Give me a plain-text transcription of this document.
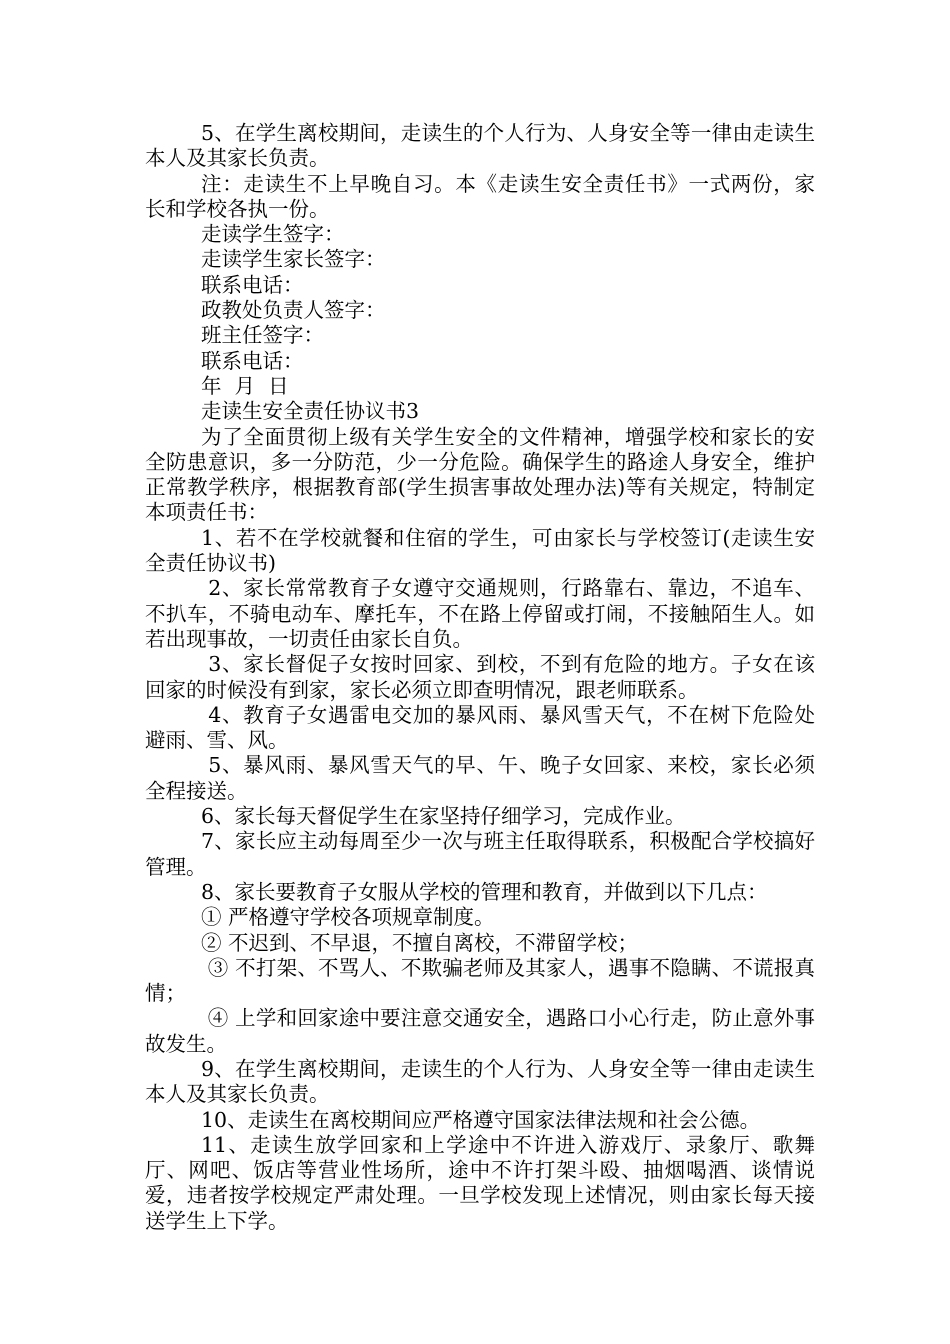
5、在学生离校期间，走读生的个人行为、人身安全等一律由走读生本人及其家长负责。

注：走读生不上早晚自习。本《走读生安全责任书》一式两份，家长和学校各执一份。

走读学生签字：

走读学生家长签字：

联系电话：

政教处负责人签字：

班主任签字：

联系电话：

年  月  日

走读生安全责任协议书3

为了全面贯彻上级有关学生安全的文件精神，增强学校和家长的安全防患意识，多一分防范，少一分危险。确保学生的路途人身安全，维护正常教学秩序，根据教育部(学生损害事故处理办法)等有关规定，特制定本项责任书：

1、若不在学校就餐和住宿的学生，可由家长与学校签订(走读生安全责任协议书)

2、家长常常教育子女遵守交通规则，行路靠右、靠边，不追车、不扒车，不骑电动车、摩托车，不在路上停留或打闹，不接触陌生人。如若出现事故，一切责任由家长自负。

3、家长督促子女按时回家、到校，不到有危险的地方。子女在该回家的时候没有到家，家长必须立即查明情况，跟老师联系。

4、教育子女遇雷电交加的暴风雨、暴风雪天气，不在树下危险处避雨、雪、风。

5、暴风雨、暴风雪天气的早、午、晚子女回家、来校，家长必须全程接送。

6、家长每天督促学生在家坚持仔细学习，完成作业。

7、家长应主动每周至少一次与班主任取得联系，积极配合学校搞好管理。

8、家长要教育子女服从学校的管理和教育，并做到以下几点：

① 严格遵守学校各项规章制度。

② 不迟到、不早退，不擅自离校，不滞留学校；

③ 不打架、不骂人、不欺骗老师及其家人，遇事不隐瞒、不谎报真情；

④ 上学和回家途中要注意交通安全，遇路口小心行走，防止意外事故发生。

9、在学生离校期间，走读生的个人行为、人身安全等一律由走读生本人及其家长负责。

10、走读生在离校期间应严格遵守国家法律法规和社会公德。

11、走读生放学回家和上学途中不许进入游戏厅、录象厅、歌舞厅、网吧、饭店等营业性场所，途中不许打架斗殴、抽烟喝酒、谈情说爱，违者按学校规定严肃处理。一旦学校发现上述情况，则由家长每天接送学生上下学。
